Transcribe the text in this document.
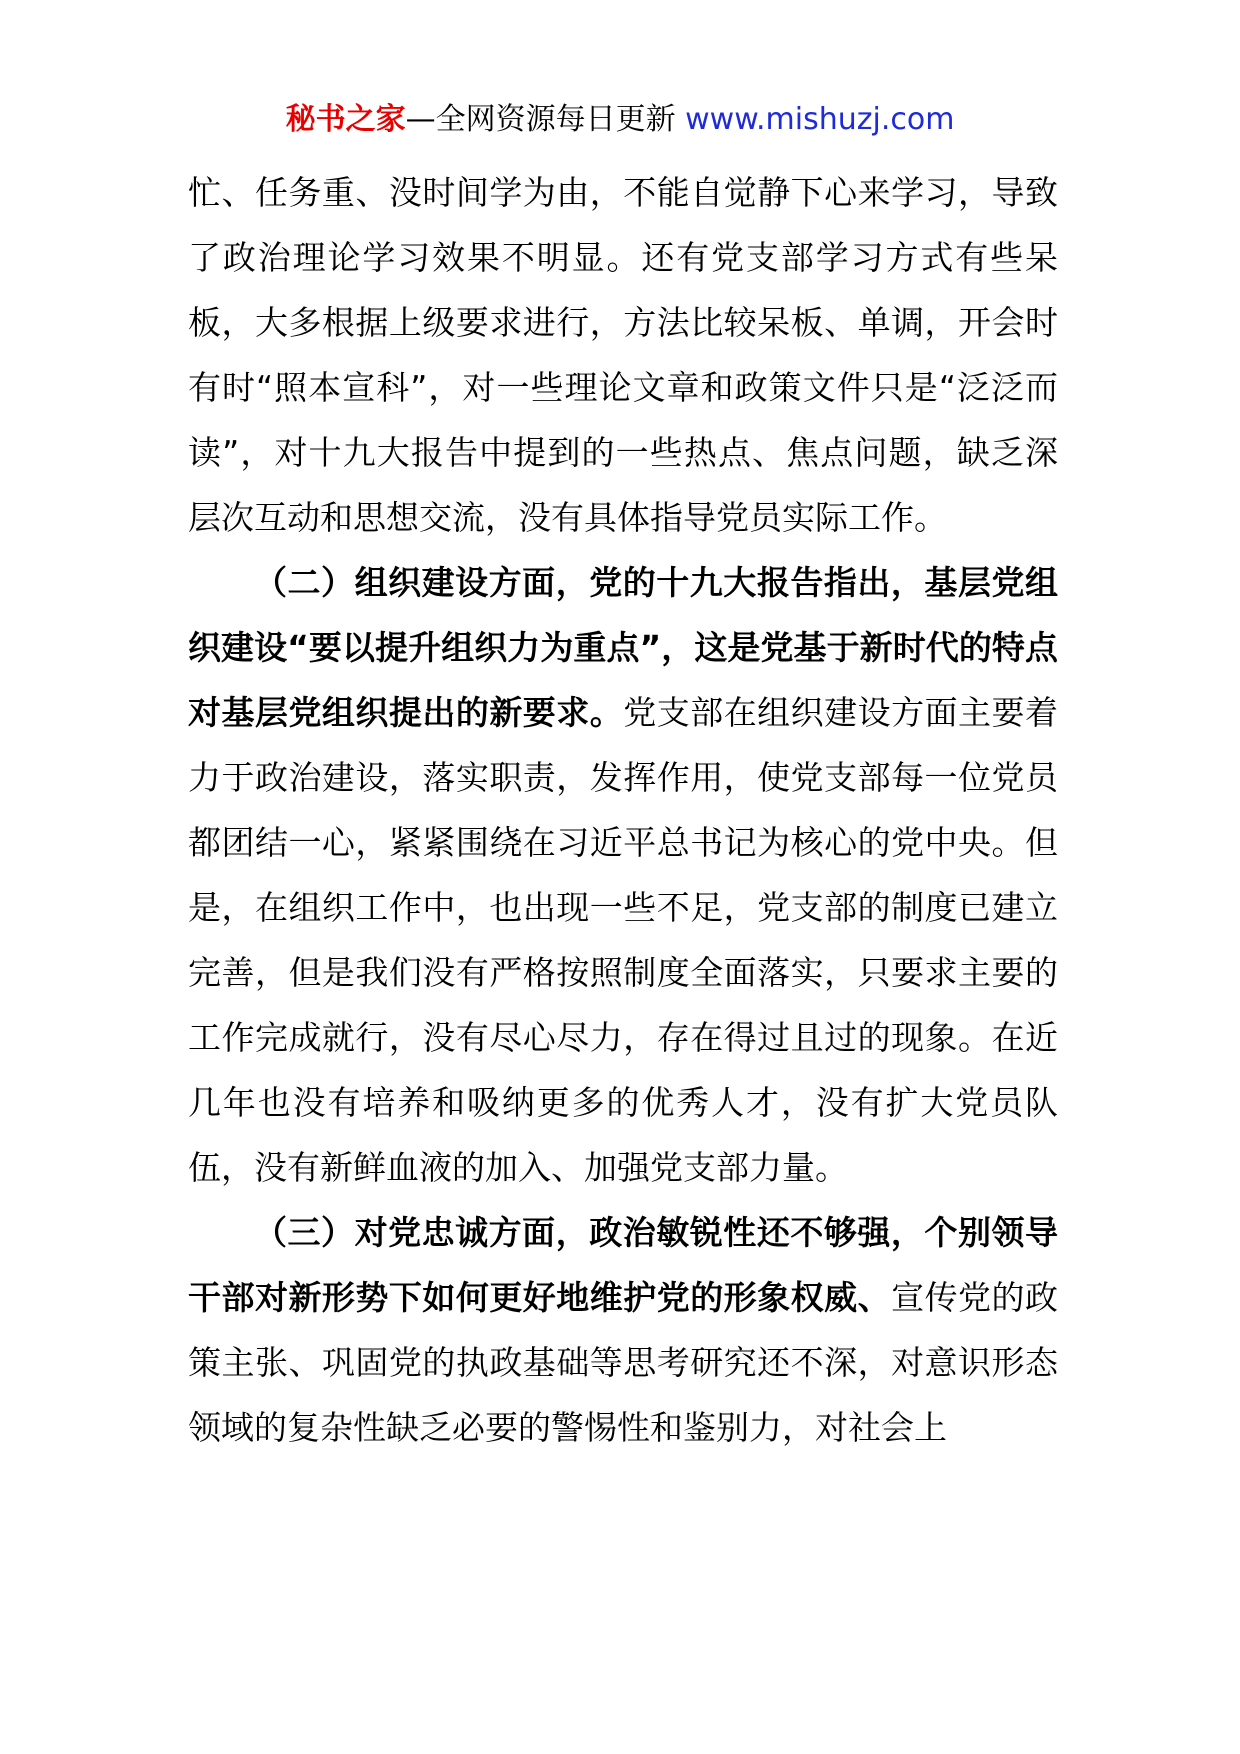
秘书之家—全网资源每日更新 www.mishuzj.com

忙、任务重、没时间学为由，不能自觉静下心来学习，导致了政治理论学习效果不明显。还有党支部学习方式有些呆板，大多根据上级要求进行，方法比较呆板、单调，开会时有时“照本宣科”，对一些理论文章和政策文件只是“泛泛而读”，对十九大报告中提到的一些热点、焦点问题，缺乏深层次互动和思想交流，没有具体指导党员实际工作。

（二）组织建设方面，党的十九大报告指出，基层党组织建设“要以提升组织力为重点”，这是党基于新时代的特点对基层党组织提出的新要求。党支部在组织建设方面主要着力于政治建设，落实职责，发挥作用，使党支部每一位党员都团结一心，紧紧围绕在习近平总书记为核心的党中央。但是，在组织工作中，也出现一些不足，党支部的制度已建立完善，但是我们没有严格按照制度全面落实，只要求主要的工作完成就行，没有尽心尽力，存在得过且过的现象。在近几年也没有培养和吸纳更多的优秀人才，没有扩大党员队伍，没有新鲜血液的加入、加强党支部力量。

（三）对党忠诚方面，政治敏锐性还不够强，个别领导干部对新形势下如何更好地维护党的形象权威、宣传党的政策主张、巩固党的执政基础等思考研究还不深，对意识形态领域的复杂性缺乏必要的警惕性和鉴别力，对社会上
